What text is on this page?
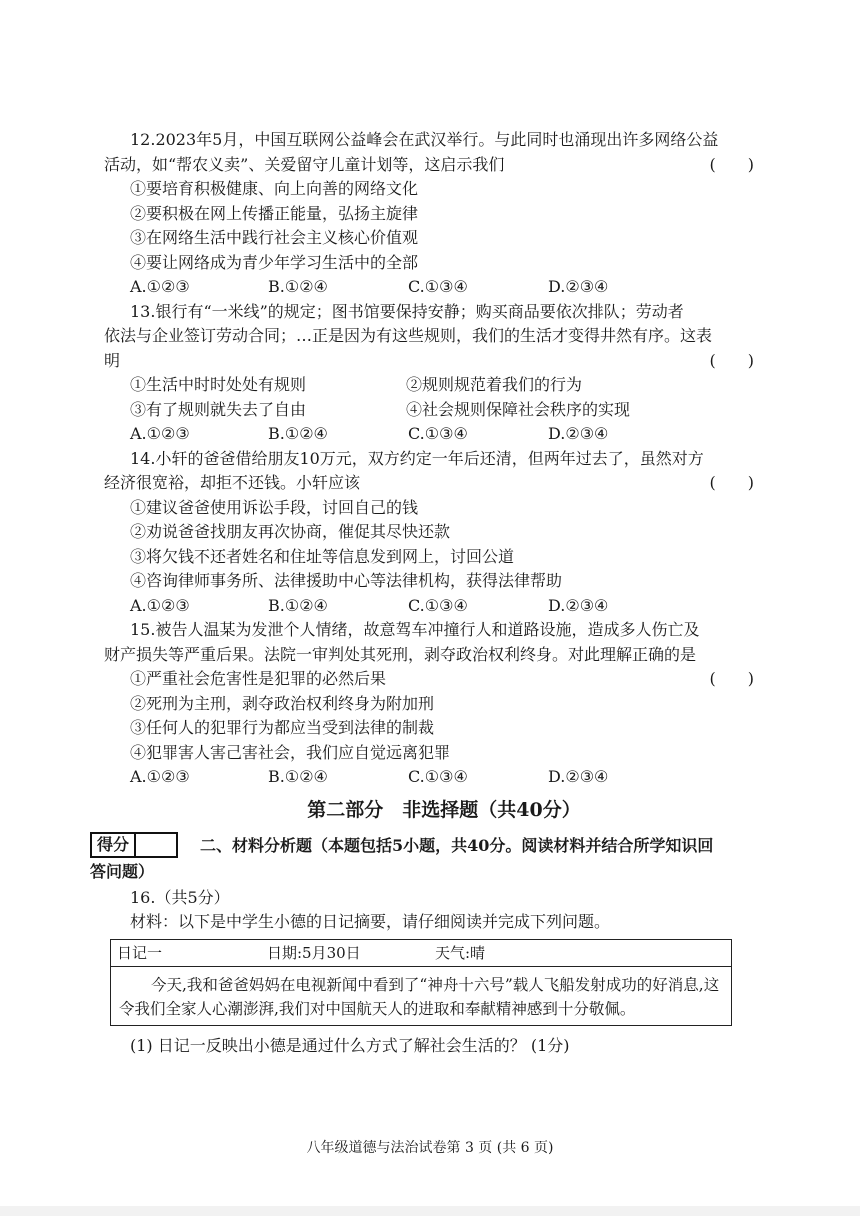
12.2023年5月，中国互联网公益峰会在武汉举行。与此同时也涌现出许多网络公益
活动，如“帮农义卖”、关爱留守儿童计划等，这启示我们	(　　)
①要培育积极健康、向上向善的网络文化
②要积极在网上传播正能量，弘扬主旋律
③在网络生活中践行社会主义核心价值观
④要让网络成为青少年学习生活中的全部
A.①②③	B.①②④	C.①③④	D.②③④
13.银行有“一米线”的规定；图书馆要保持安静；购买商品要依次排队；劳动者
依法与企业签订劳动合同；…正是因为有这些规则，我们的生活才变得井然有序。这表
明	(　　)
①生活中时时处处有规则	②规则规范着我们的行为
③有了规则就失去了自由	④社会规则保障社会秩序的实现
A.①②③	B.①②④	C.①③④	D.②③④
14.小轩的爸爸借给朋友10万元，双方约定一年后还清，但两年过去了，虽然对方
经济很宽裕，却拒不还钱。小轩应该	(　　)
①建议爸爸使用诉讼手段，讨回自己的钱
②劝说爸爸找朋友再次协商，催促其尽快还款
③将欠钱不还者姓名和住址等信息发到网上，讨回公道
④咨询律师事务所、法律援助中心等法律机构，获得法律帮助
A.①②③	B.①②④	C.①③④	D.②③④
15.被告人温某为发泄个人情绪，故意驾车冲撞行人和道路设施，造成多人伤亡及
财产损失等严重后果。法院一审判处其死刑，剥夺政治权利终身。对此理解正确的是
①严重社会危害性是犯罪的必然后果	(　　)
②死刑为主刑，剥夺政治权利终身为附加刑
③任何人的犯罪行为都应当受到法律的制裁
④犯罪害人害己害社会，我们应自觉远离犯罪
A.①②③	B.①②④	C.①③④	D.②③④
第二部分　非选择题（共40分）
得分	二、材料分析题（本题包括5小题，共40分。阅读材料并结合所学知识回
答问题）
16.（共5分）
材料：以下是中学生小德的日记摘要，请仔细阅读并完成下列问题。
日记一	日期:5月30日	天气:晴
今天,我和爸爸妈妈在电视新闻中看到了“神舟十六号”载人飞船发射成功的好消息,这令我们全家人心潮澎湃,我们对中国航天人的进取和奉献精神感到十分敬佩。
(1) 日记一反映出小德是通过什么方式了解社会生活的？ (1分)
八年级道德与法治试卷第 3 页 (共 6 页)
